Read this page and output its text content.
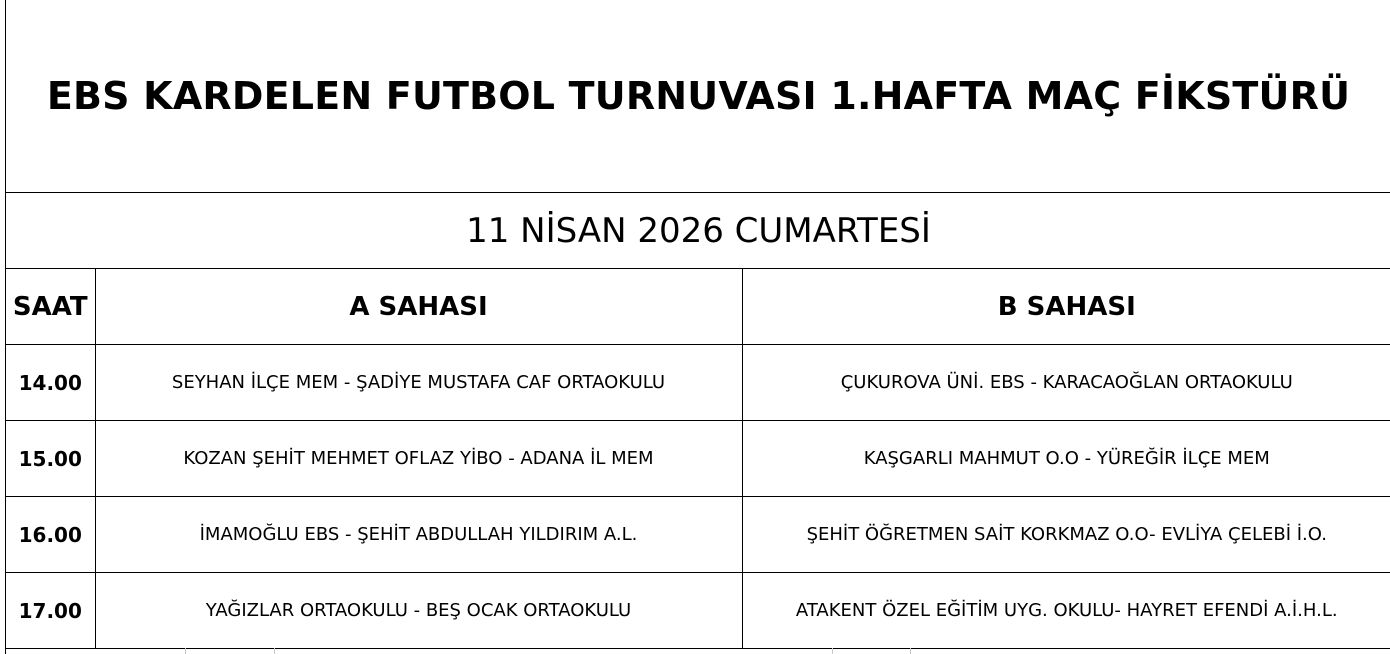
EBS KARDELEN FUTBOL TURNUVASI 1.HAFTA MAÇ FİKSTÜRÜ
11 NİSAN 2026 CUMARTESİ
SAAT	A SAHASI	B SAHASI
14.00	SEYHAN İLÇE MEM - ŞADİYE MUSTAFA CAF ORTAOKULU	ÇUKUROVA ÜNİ. EBS - KARACAOĞLAN ORTAOKULU
15.00	KOZAN ŞEHİT MEHMET OFLAZ YİBO - ADANA İL MEM	KAŞGARLI MAHMUT O.O - YÜREĞİR İLÇE MEM
16.00	İMAMOĞLU EBS - ŞEHİT ABDULLAH YILDIRIM A.L.	ŞEHİT ÖĞRETMEN SAİT KORKMAZ O.O- EVLİYA ÇELEBİ İ.O.
17.00	YAĞIZLAR ORTAOKULU - BEŞ OCAK ORTAOKULU	ATAKENT ÖZEL EĞİTİM UYG. OKULU- HAYRET EFENDİ A.İ.H.L.
